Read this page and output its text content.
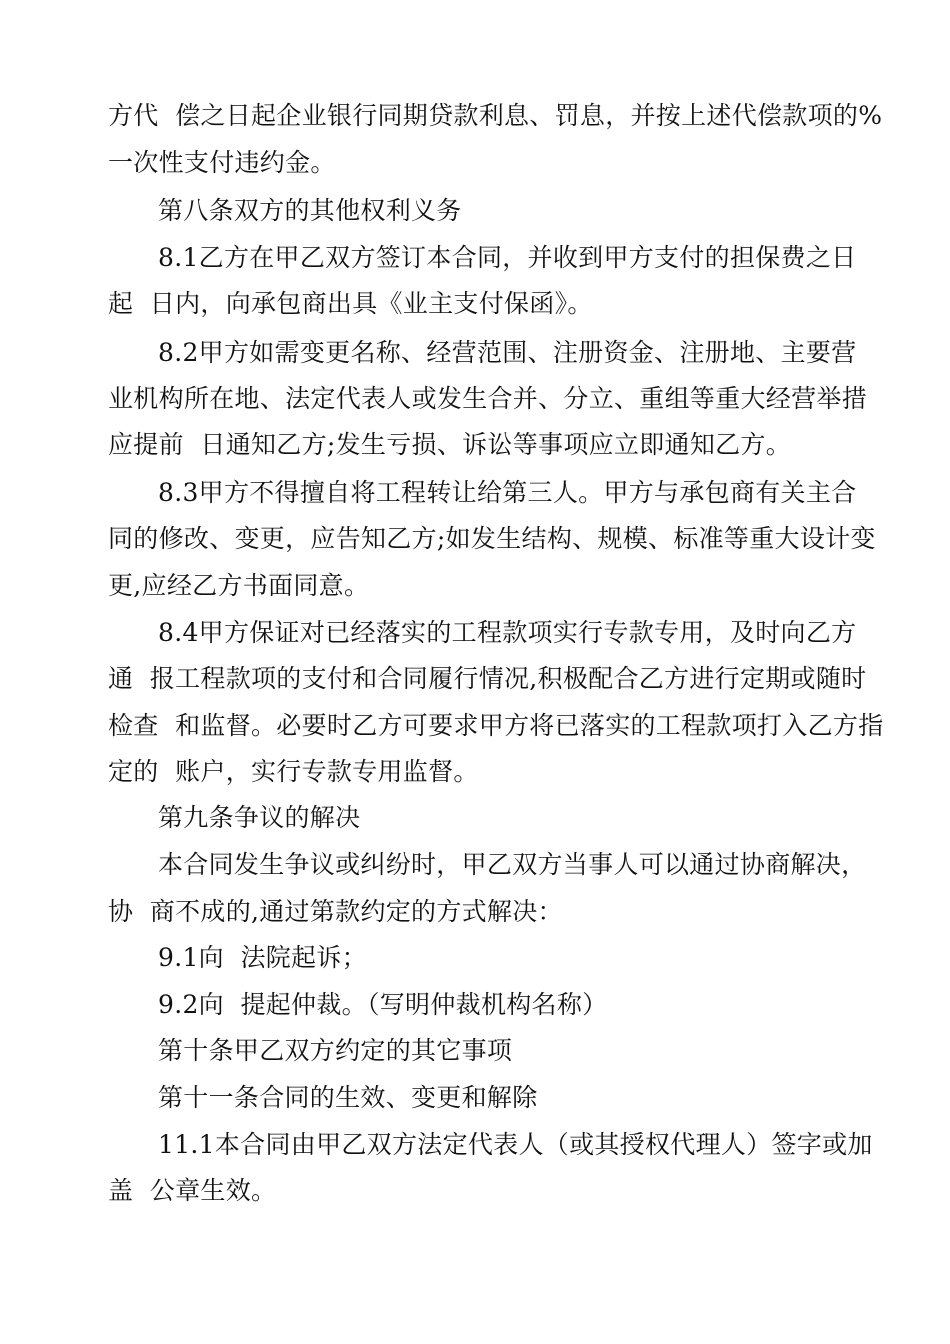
方代  偿之日起企业银行同期贷款利息、罚息，并按上述代偿款项的%
一次性支付违约金。
第八条双方的其他权利义务
8.1乙方在甲乙双方签订本合同，并收到甲方支付的担保费之日
起  日内，向承包商出具《业主支付保函》。
8.2甲方如需变更名称、经营范围、注册资金、注册地、主要营
业机构所在地、法定代表人或发生合并、分立、重组等重大经营举措
应提前  日通知乙方;发生亏损、诉讼等事项应立即通知乙方。
8.3甲方不得擅自将工程转让给第三人。甲方与承包商有关主合
同的修改、变更，应告知乙方;如发生结构、规模、标准等重大设计变
更,应经乙方书面同意。
8.4甲方保证对已经落实的工程款项实行专款专用，及时向乙方
通  报工程款项的支付和合同履行情况,积极配合乙方进行定期或随时
检查  和监督。必要时乙方可要求甲方将已落实的工程款项打入乙方指
定的  账户，实行专款专用监督。
第九条争议的解决
本合同发生争议或纠纷时，甲乙双方当事人可以通过协商解决，
协  商不成的,通过第款约定的方式解决：
9.1向  法院起诉；
9.2向  提起仲裁。（写明仲裁机构名称）
第十条甲乙双方约定的其它事项
第十一条合同的生效、变更和解除
11.1本合同由甲乙双方法定代表人（或其授权代理人）签字或加
盖  公章生效。
